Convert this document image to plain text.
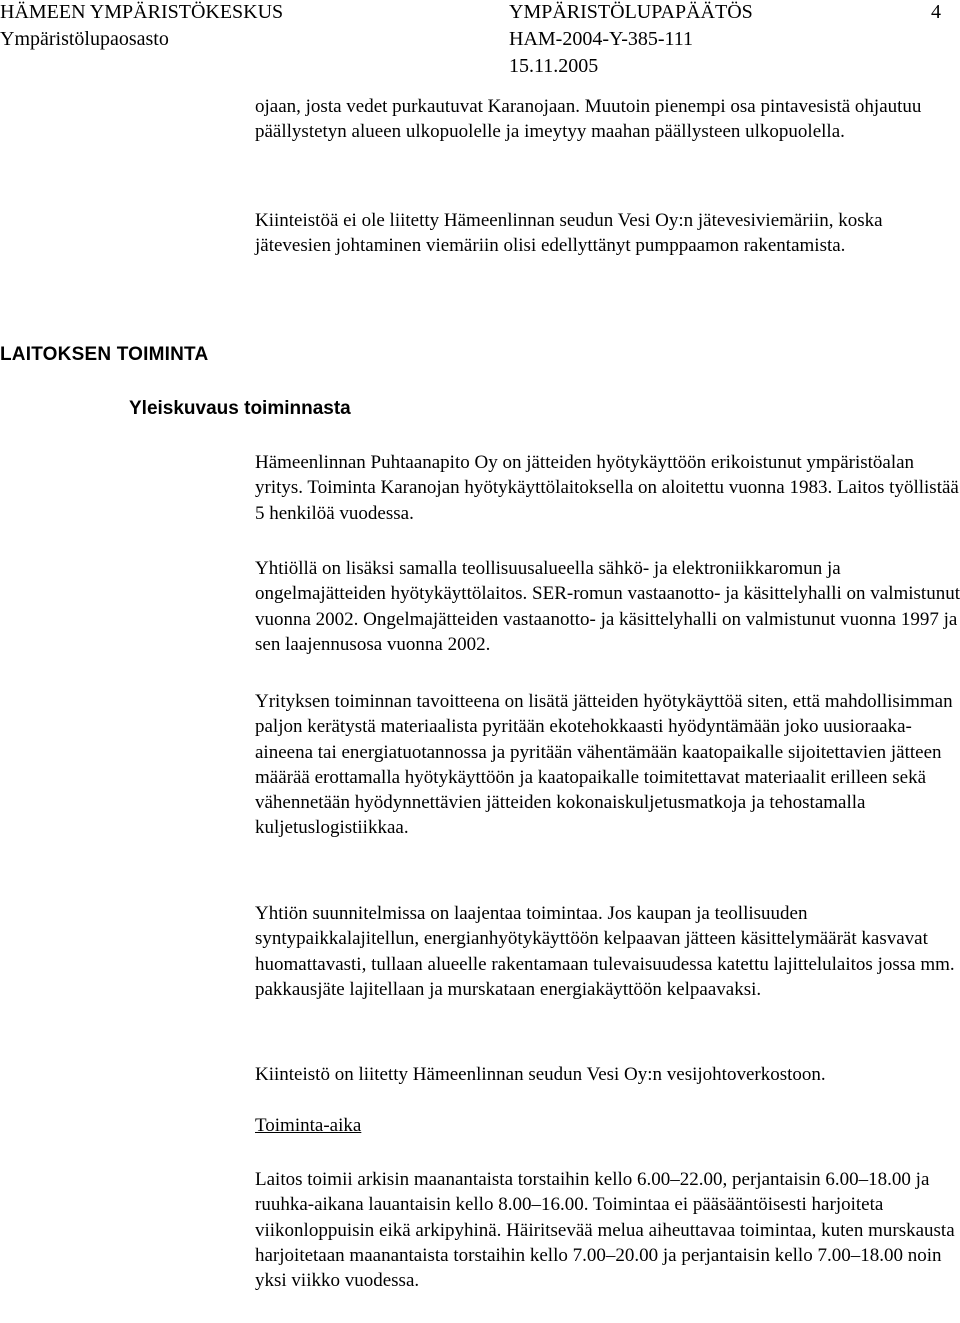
HÄMEEN YMPÄRISTÖKESKUS

Ympäristölupaosasto

YMPÄRISTÖLUPAPÄÄTÖS

HAM-2004-Y-385-111

15.11.2005

4

ojaan, josta vedet purkautuvat Karanojaan. Muutoin pienempi osa pintavesistä ohjautuu päällystetyn alueen ulkopuolelle ja imeytyy maahan päällysteen ulkopuolella.

Kiinteistöä ei ole liitetty Hämeenlinnan seudun Vesi Oy:n jätevesiviemäriin, koska jätevesien johtaminen viemäriin olisi edellyttänyt pumppaamon rakentamista.

LAITOKSEN TOIMINTA
Yleiskuvaus toiminnasta

Hämeenlinnan Puhtaanapito Oy on jätteiden hyötykäyttöön erikoistunut ympäristöalan yritys. Toiminta Karanojan hyötykäyttölaitoksella on aloitettu vuonna 1983. Laitos työllistää 5 henkilöä vuodessa.

Yhtiöllä on lisäksi samalla teollisuusalueella sähkö- ja elektroniikkaromun ja ongelmajätteiden hyötykäyttölaitos. SER-romun vastaanotto- ja käsittelyhalli on valmistunut vuonna 2002. Ongelmajätteiden vastaanotto- ja käsittelyhalli on valmistunut vuonna 1997 ja sen laajennusosa vuonna 2002.

Yrityksen toiminnan tavoitteena on lisätä jätteiden hyötykäyttöä siten, että mahdollisimman paljon kerätystä materiaalista pyritään ekotehokkaasti hyödyntämään joko uusioraaka-aineena tai energiatuotannossa ja pyritään vähentämään kaatopaikalle sijoitettavien jätteen määrää erottamalla hyötykäyttöön ja kaatopaikalle toimitettavat materiaalit erilleen sekä vähennetään hyödynnettävien jätteiden kokonaiskuljetusmatkoja ja tehostamalla kuljetuslogistiikkaa.

Yhtiön suunnitelmissa on laajentaa toimintaa. Jos kaupan ja teollisuuden syntypaikkalajitellun, energianhyötykäyttöön kelpaavan jätteen käsittelymäärät kasvavat huomattavasti, tullaan alueelle rakentamaan tulevaisuudessa katettu lajittelulaitos jossa mm. pakkausjäte lajitellaan ja murskataan energiakäyttöön kelpaavaksi.

Kiinteistö on liitetty Hämeenlinnan seudun Vesi Oy:n vesijohtoverkostoon.

Toiminta-aika

Laitos toimii arkisin maanantaista torstaihin kello 6.00–22.00, perjantaisin 6.00–18.00 ja ruuhka-aikana lauantaisin kello 8.00–16.00. Toimintaa ei pääsääntöisesti harjoiteta viikonloppuisin eikä arkipyhinä. Häiritsevää melua aiheuttavaa toimintaa, kuten murskausta harjoitetaan maanantaista torstaihin kello 7.00–20.00 ja perjantaisin kello 7.00–18.00 noin yksi viikko vuodessa.
